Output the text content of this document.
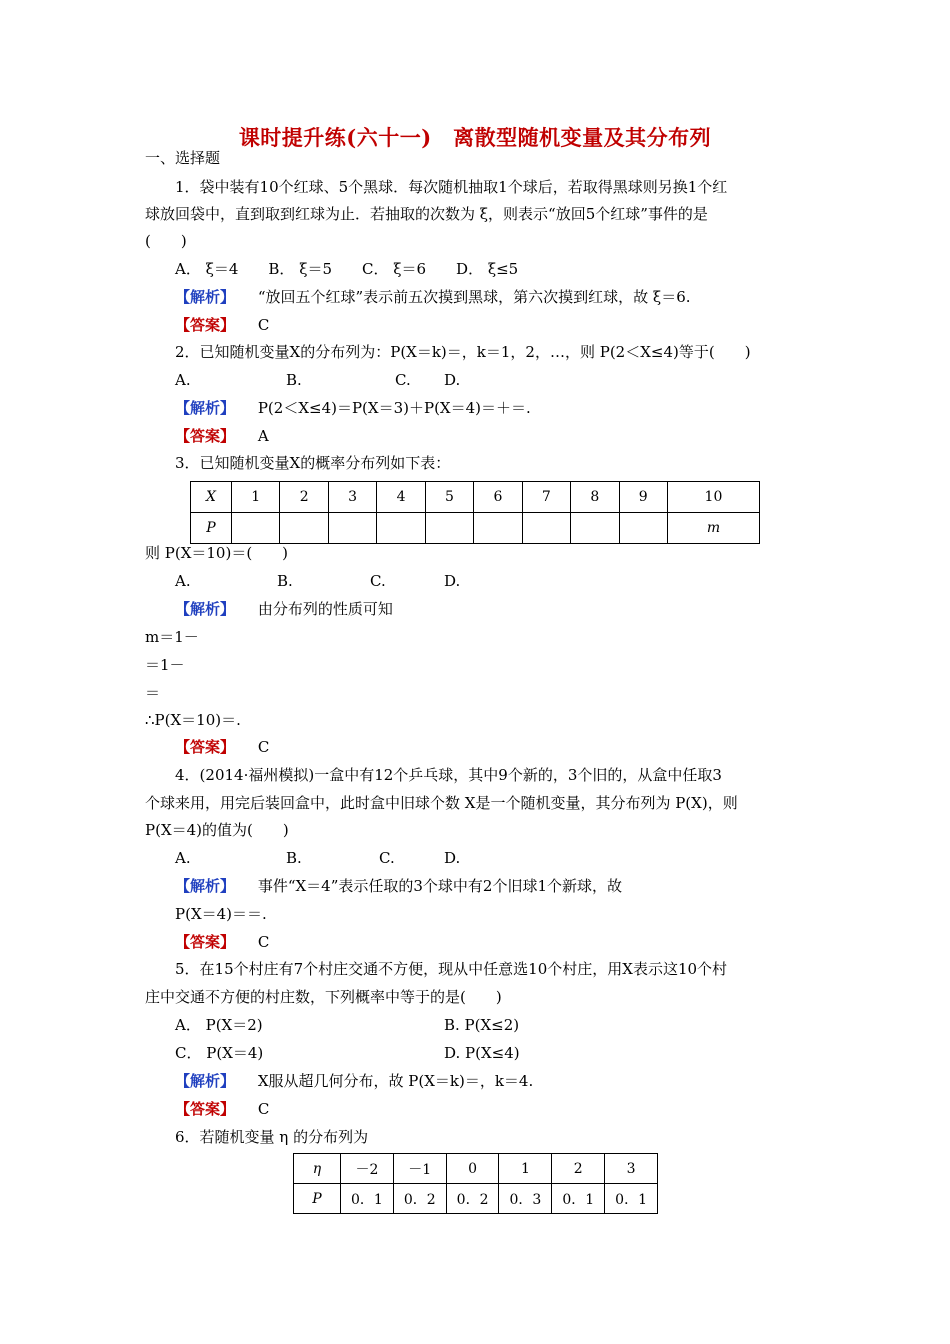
课时提升练(六十一)　离散型随机变量及其分布列
一、选择题
1．袋中装有10个红球、5个黑球．每次随机抽取1个球后，若取得黑球则另换1个红
球放回袋中，直到取到红球为止．若抽取的次数为 ξ，则表示“放回5个红球”事件的是
(　　)
A． ξ＝4　　B． ξ＝5　　C． ξ＝6　　D． ξ≤5
【解析】 “放回五个红球”表示前五次摸到黑球，第六次摸到红球，故 ξ＝6.
【答案】 C
2．已知随机变量X的分布列为：P(X＝k)＝，k＝1，2，…，则 P(2＜X≤4)等于(　　)
A.	B.	C. D.
【解析】 P(2＜X≤4)＝P(X＝3)＋P(X＝4)＝＋＝.
【答案】 A
3．已知随机变量X的概率分布列如下表：
X	1	2	3	4	5	6	7	8	9	10
P										m
则 P(X＝10)＝(　　)
A.	B.	C.	D.
【解析】 由分布列的性质可知
m＝1－
＝1－
＝
∴P(X＝10)＝.
【答案】 C
4．(2014·福州模拟)一盒中有12个乒乓球，其中9个新的，3个旧的，从盒中任取3
个球来用，用完后装回盒中，此时盒中旧球个数 X是一个随机变量，其分布列为 P(X)，则
P(X＝4)的值为(　　)
A.	B.	C.	D.
【解析】 事件“X＝4”表示任取的3个球中有2个旧球1个新球，故
P(X＝4)＝＝.
【答案】 C
5．在15个村庄有7个村庄交通不方便，现从中任意选10个村庄，用X表示这10个村
庄中交通不方便的村庄数，下列概率中等于的是(　　)
A． P(X＝2)	B. P(X≤2)
C． P(X＝4)	D. P(X≤4)
【解析】 X服从超几何分布，故 P(X＝k)＝，k＝4.
【答案】 C
6．若随机变量 η 的分布列为
η	－2	－1	0	1	2	3
P	0．1	0．2	0．2	0．3	0．1	0．1
